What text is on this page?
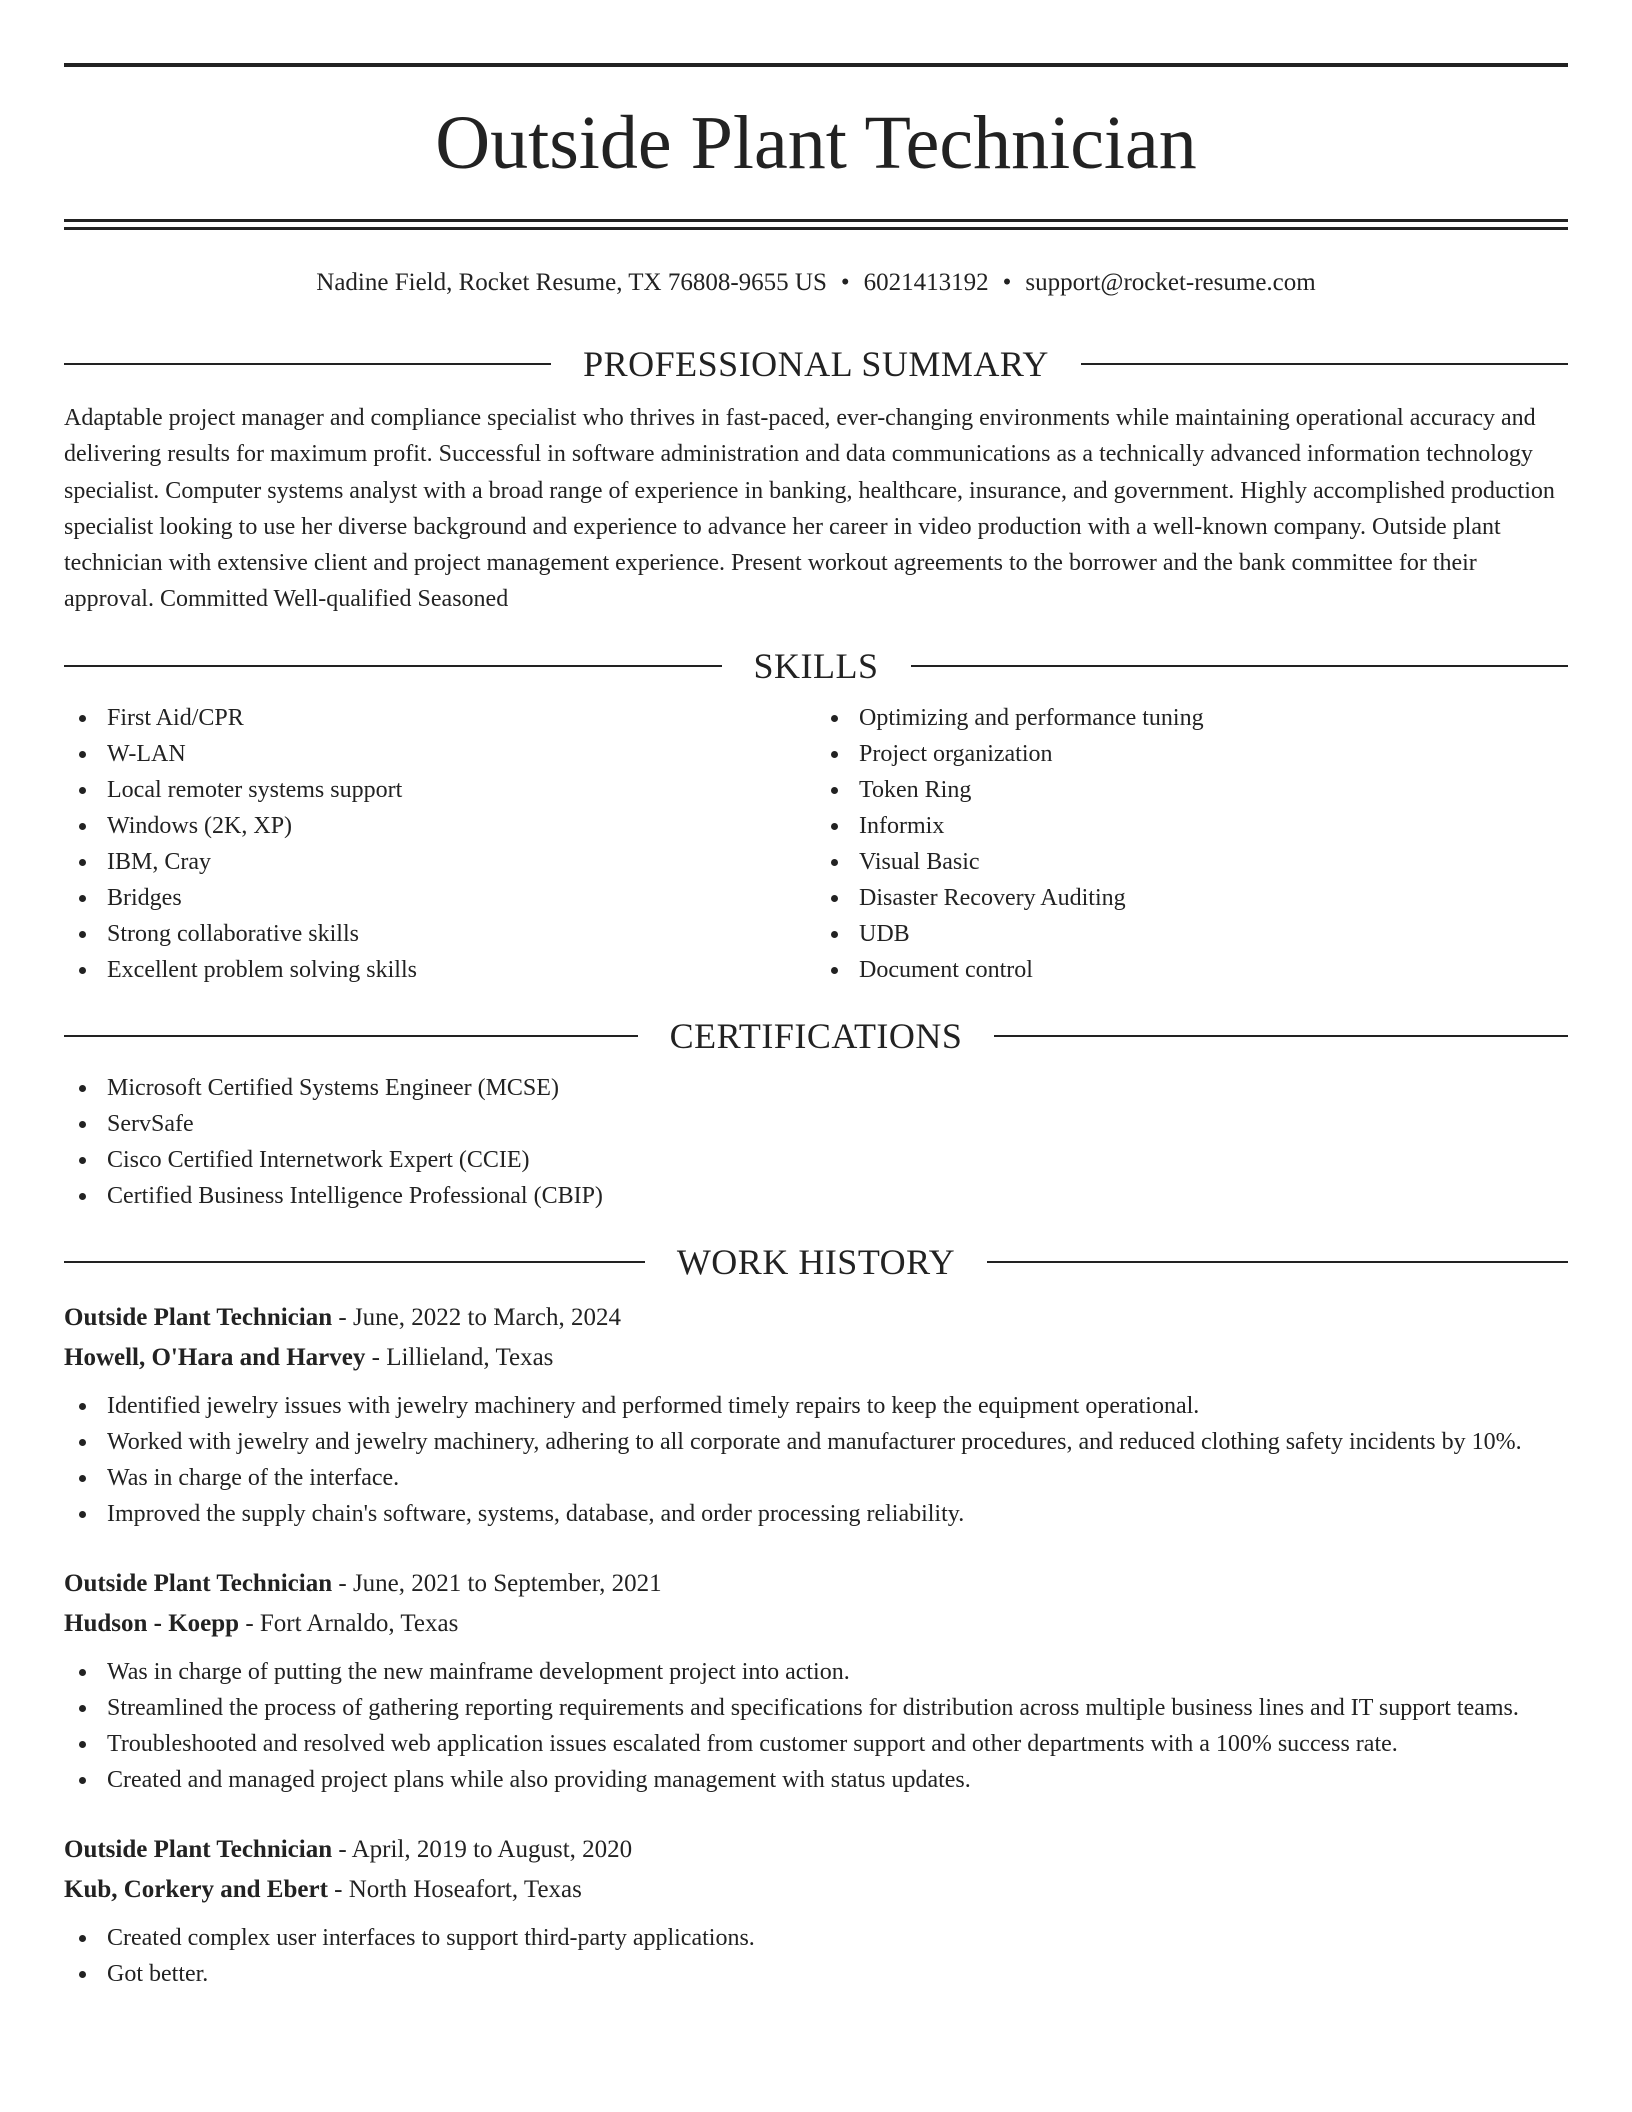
Outside Plant Technician
Nadine Field, Rocket Resume, TX 76808-9655 US • 6021413192 • support@rocket-resume.com
PROFESSIONAL SUMMARY
Adaptable project manager and compliance specialist who thrives in fast-paced, ever-changing environments while maintaining operational accuracy and delivering results for maximum profit. Successful in software administration and data communications as a technically advanced information technology specialist. Computer systems analyst with a broad range of experience in banking, healthcare, insurance, and government. Highly accomplished production specialist looking to use her diverse background and experience to advance her career in video production with a well-known company. Outside plant technician with extensive client and project management experience. Present workout agreements to the borrower and the bank committee for their approval. Committed Well-qualified Seasoned
SKILLS
First Aid/CPR
W-LAN
Local remoter systems support
Windows (2K, XP)
IBM, Cray
Bridges
Strong collaborative skills
Excellent problem solving skills
Optimizing and performance tuning
Project organization
Token Ring
Informix
Visual Basic
Disaster Recovery Auditing
UDB
Document control
CERTIFICATIONS
Microsoft Certified Systems Engineer (MCSE)
ServSafe
Cisco Certified Internetwork Expert (CCIE)
Certified Business Intelligence Professional (CBIP)
WORK HISTORY
Outside Plant Technician - June, 2022 to March, 2024
Howell, O'Hara and Harvey - Lillieland, Texas
Identified jewelry issues with jewelry machinery and performed timely repairs to keep the equipment operational.
Worked with jewelry and jewelry machinery, adhering to all corporate and manufacturer procedures, and reduced clothing safety incidents by 10%.
Was in charge of the interface.
Improved the supply chain's software, systems, database, and order processing reliability.
Outside Plant Technician - June, 2021 to September, 2021
Hudson - Koepp - Fort Arnaldo, Texas
Was in charge of putting the new mainframe development project into action.
Streamlined the process of gathering reporting requirements and specifications for distribution across multiple business lines and IT support teams.
Troubleshooted and resolved web application issues escalated from customer support and other departments with a 100% success rate.
Created and managed project plans while also providing management with status updates.
Outside Plant Technician - April, 2019 to August, 2020
Kub, Corkery and Ebert - North Hoseafort, Texas
Created complex user interfaces to support third-party applications.
Got better.
